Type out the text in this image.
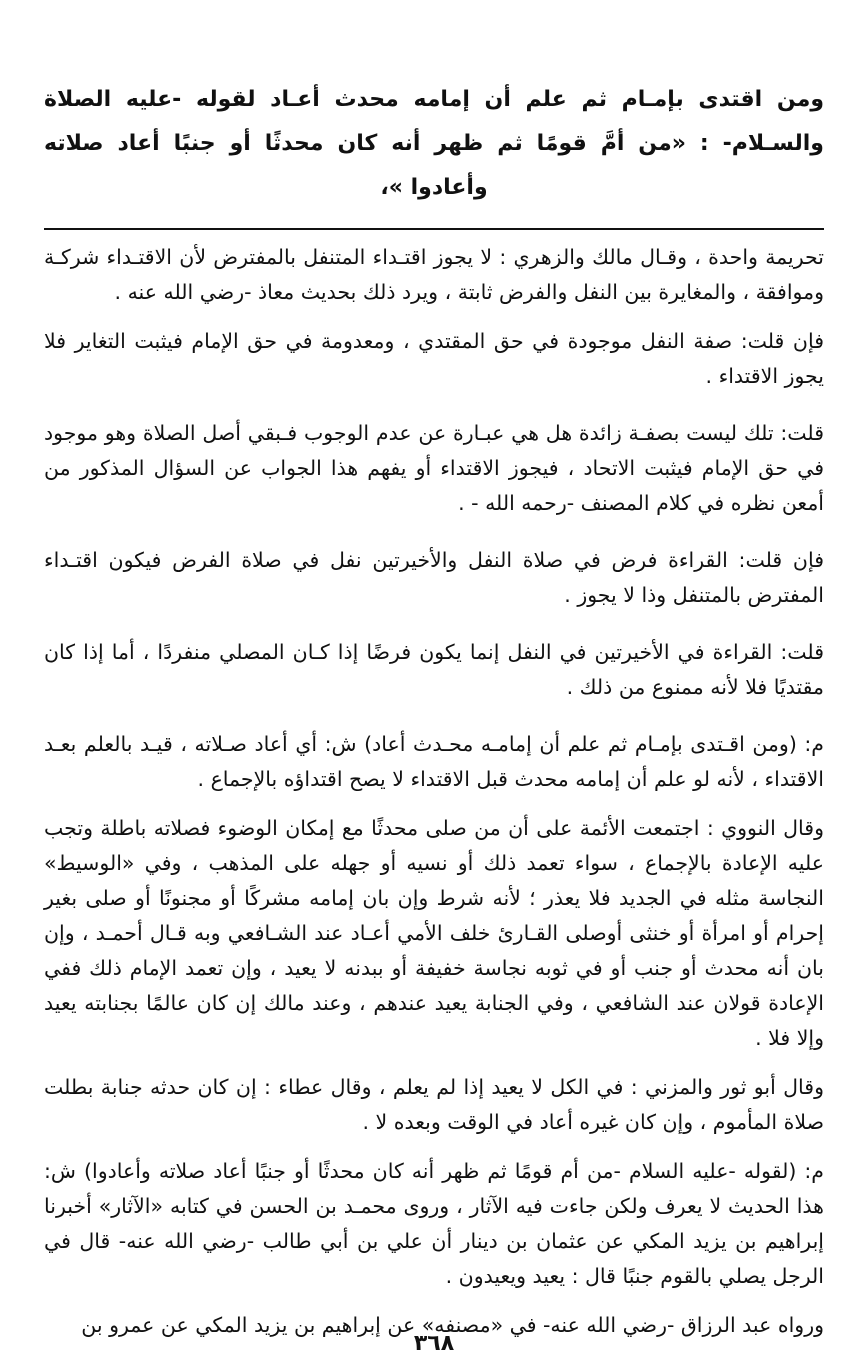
ومن اقتدى بإمـام ثم علم أن إمامه محدث أعـاد لقوله -عليه الصلاة والسـلام- : «من أمَّ قومًا ثم ظهر أنه كان محدثًا أو جنبًا أعاد صلاته وأعادوا »،

تحريمة واحدة ، وقـال مالك والزهري : لا يجوز اقتـداء المتنفل بالمفترض لأن الاقتـداء شركـة وموافقة ، والمغايرة بين النفل والفرض ثابتة ، ويرد ذلك بحديث معاذ -رضي الله عنه .

فإن قلت: صفة النفل موجودة في حق المقتدي ، ومعدومة في حق الإمام فيثبت التغاير فلا يجوز الاقتداء .

قلت: تلك ليست بصفـة زائدة هل هي عبـارة عن عدم الوجوب فـبقي أصل الصلاة وهو موجود في حق الإمام فيثبت الاتحاد ، فيجوز الاقتداء أو يفهم هذا الجواب عن السؤال المذكور من أمعن نظره في كلام المصنف -رحمه الله - .

فإن قلت: القراءة فرض في صلاة النفل والأخيرتين نفل في صلاة الفرض فيكون اقتـداء المفترض بالمتنفل وذا لا يجوز .

قلت: القراءة في الأخيرتين في النفل إنما يكون فرضًا إذا كـان المصلي منفردًا ، أما إذا كان مقتديًا فلا لأنه ممنوع من ذلك .

م: (ومن اقـتدى بإمـام ثم علم أن إمامـه محـدث أعاد) ش: أي أعاد صـلاته ، قيـد بالعلم بعـد الاقتداء ، لأنه لو علم أن إمامه محدث قبل الاقتداء لا يصح اقتداؤه بالإجماع .

وقال النووي : اجتمعت الأئمة على أن من صلى محدثًا مع إمكان الوضوء فصلاته باطلة وتجب عليه الإعادة بالإجماع ، سواء تعمد ذلك أو نسيه أو جهله على المذهب ، وفي «الوسيط» النجاسة مثله في الجديد فلا يعذر ؛ لأنه شرط وإن بان إمامه مشركًا أو مجنونًا أو صلى بغير إحرام أو امرأة أو خنثى أوصلى القـارئ خلف الأمي أعـاد عند الشـافعي وبه قـال أحمـد ، وإن بان أنه محدث أو جنب أو في ثوبه نجاسة خفيفة أو ببدنه لا يعيد ، وإن تعمد الإمام ذلك ففي الإعادة قولان عند الشافعي ، وفي الجنابة يعيد عندهم ، وعند مالك إن كان عالمًا بجنابته يعيد وإلا فلا .

وقال أبو ثور والمزني : في الكل لا يعيد إذا لم يعلم ، وقال عطاء : إن كان حدثه جنابة بطلت صلاة المأموم ، وإن كان غيره أعاد في الوقت وبعده لا .

م: (لقوله -عليه السلام -من أم قومًا ثم ظهر أنه كان محدثًا أو جنبًا أعاد صلاته وأعادوا) ش: هذا الحديث لا يعرف ولكن جاءت فيه الآثار ، وروى محمـد بن الحسن في كتابه «الآثار» أخبرنا إبراهيم بن يزيد المكي عن عثمان بن دينار أن علي بن أبي طالب -رضي الله عنه- قال في الرجل يصلي بالقوم جنبًا قال : يعيد ويعيدون .

ورواه عبد الرزاق -رضي الله عنه- في «مصنفه» عن إبراهيم بن يزيد المكي عن عمرو بن

٣٦٨
